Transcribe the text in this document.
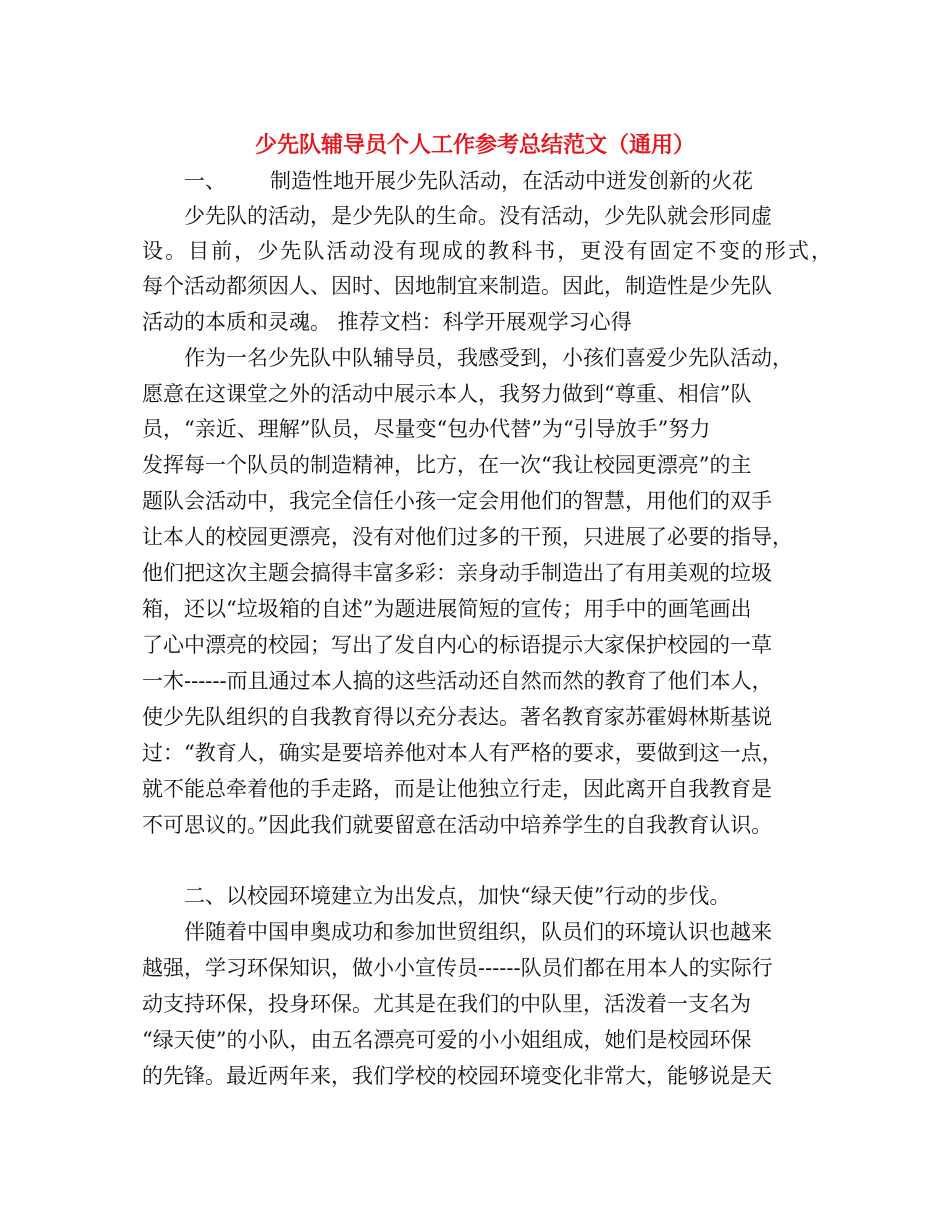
少先队辅导员个人工作参考总结范文（通用）
一、 制造性地开展少先队活动，在活动中迸发创新的火花
少先队的活动，是少先队的生命。没有活动，少先队就会形同虚
设。目前，少先队活动没有现成的教科书，更没有固定不变的形式，
每个活动都须因人、因时、因地制宜来制造。因此，制造性是少先队
活动的本质和灵魂。 推荐文档：科学开展观学习心得
作为一名少先队中队辅导员，我感受到，小孩们喜爱少先队活动，
愿意在这课堂之外的活动中展示本人，我努力做到“尊重、相信”队
员，“亲近、理解”队员，尽量变“包办代替”为“引导放手”努力
发挥每一个队员的制造精神，比方，在一次“我让校园更漂亮”的主
题队会活动中，我完全信任小孩一定会用他们的智慧，用他们的双手
让本人的校园更漂亮，没有对他们过多的干预，只进展了必要的指导，
他们把这次主题会搞得丰富多彩：亲身动手制造出了有用美观的垃圾
箱，还以“垃圾箱的自述”为题进展简短的宣传；用手中的画笔画出
了心中漂亮的校园；写出了发自内心的标语提示大家保护校园的一草
一木------而且通过本人搞的这些活动还自然而然的教育了他们本人，
使少先队组织的自我教育得以充分表达。著名教育家苏霍姆林斯基说
过：“教育人，确实是要培养他对本人有严格的要求，要做到这一点，
就不能总牵着他的手走路，而是让他独立行走，因此离开自我教育是
不可思议的。”因此我们就要留意在活动中培养学生的自我教育认识。
二、以校园环境建立为出发点，加快“绿天使”行动的步伐。
伴随着中国申奥成功和参加世贸组织，队员们的环境认识也越来
越强，学习环保知识，做小小宣传员------队员们都在用本人的实际行
动支持环保，投身环保。尤其是在我们的中队里，活泼着一支名为
“绿天使”的小队，由五名漂亮可爱的小小姐组成，她们是校园环保
的先锋。最近两年来，我们学校的校园环境变化非常大，能够说是天
